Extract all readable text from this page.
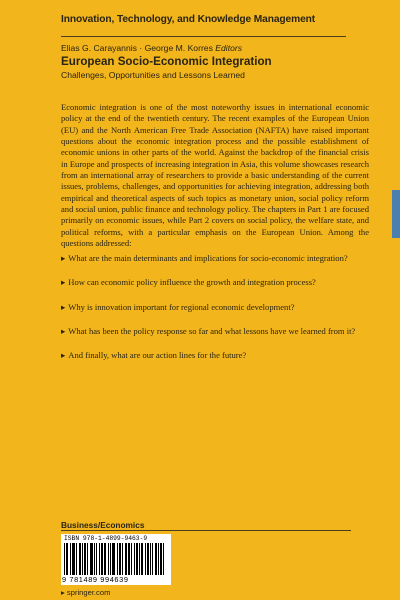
Innovation, Technology, and Knowledge Management
Elias G. Carayannis · George M. Korres Editors
European Socio-Economic Integration
Challenges, Opportunities and Lessons Learned

Economic integration is one of the most noteworthy issues in international economic policy at the end of the twentieth century. The recent examples of the European Union (EU) and the North American Free Trade Association (NAFTA) have raised important questions about the economic integration process and the possible establishment of economic unions in other parts of the world. Against the backdrop of the financial crisis in Europe and prospects of increasing integration in Asia, this volume showcases research from an international array of researchers to provide a basic understanding of the current issues, problems, challenges, and opportunities for achieving integration, addressing both empirical and theoretical aspects of such topics as monetary union, social policy reform and social union, public finance and technology policy. The chapters in Part 1 are focused primarily on economic issues, while Part 2 covers on social policy, the welfare state, and political reforms, with a particular emphasis on the European Union. Among the questions addressed:

▸ What are the main determinants and implications for socio-economic integration?
▸ How can economic policy influence the growth and integration process?
▸ Why is innovation important for regional economic development?
▸ What has been the policy response so far and what lessons have we learned from it?
▸ And finally, what are our action lines for the future?
Business/Economics
ISBN 978-1-4899-9463-9
9 781489 994639
▸ springer.com
